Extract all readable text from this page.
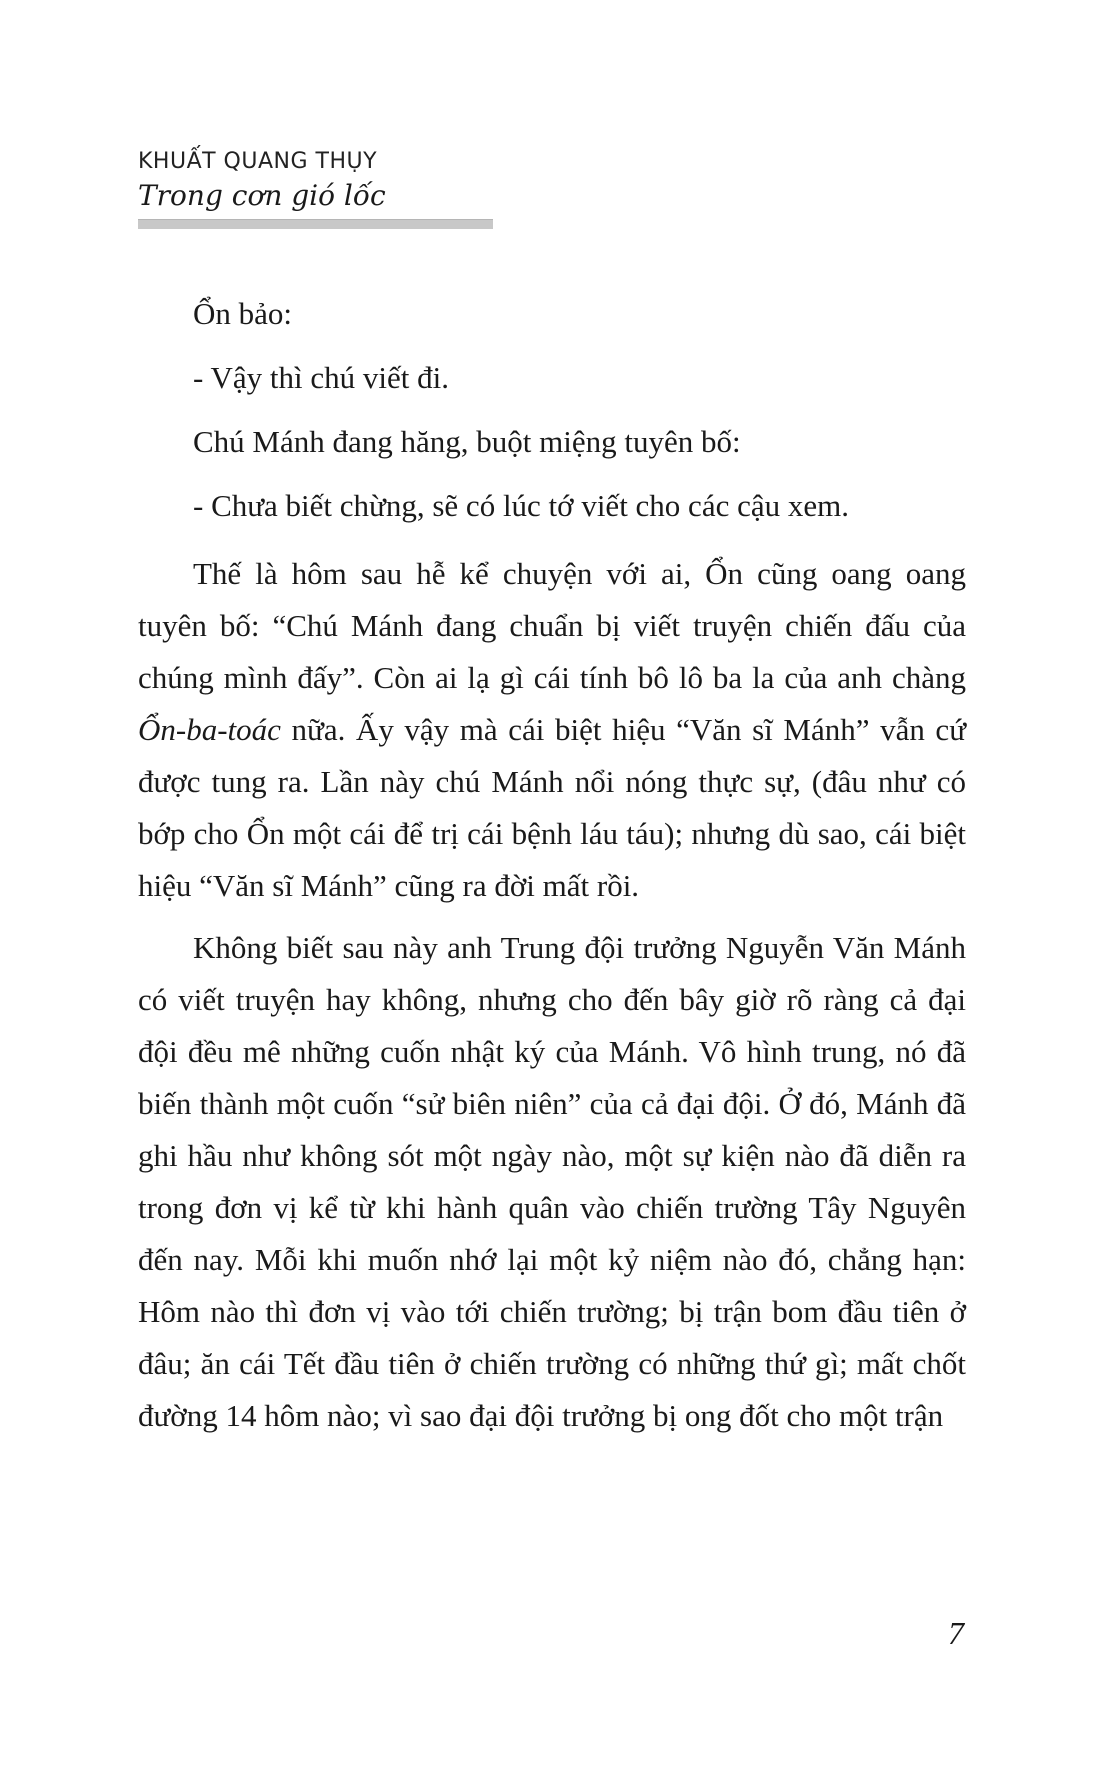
KHUẤT QUANG THỤY
Trong cơn gió lốc

Ổn bảo:

- Vậy thì chú viết đi.

Chú Mánh đang hăng, buột miệng tuyên bố:

- Chưa biết chừng, sẽ có lúc tớ viết cho các cậu xem.

Thế là hôm sau hễ kể chuyện với ai, Ổn cũng oang oang tuyên bố: “Chú Mánh đang chuẩn bị viết truyện chiến đấu của chúng mình đấy”. Còn ai lạ gì cái tính bô lô ba la của anh chàng Ổn-ba-toác nữa. Ấy vậy mà cái biệt hiệu “Văn sĩ Mánh” vẫn cứ được tung ra. Lần này chú Mánh nổi nóng thực sự, (đâu như có bớp cho Ổn một cái để trị cái bệnh láu táu); nhưng dù sao, cái biệt hiệu “Văn sĩ Mánh” cũng ra đời mất rồi.

Không biết sau này anh Trung đội trưởng Nguyễn Văn Mánh có viết truyện hay không, nhưng cho đến bây giờ rõ ràng cả đại đội đều mê những cuốn nhật ký của Mánh. Vô hình trung, nó đã biến thành một cuốn “sử biên niên” của cả đại đội. Ở đó, Mánh đã ghi hầu như không sót một ngày nào, một sự kiện nào đã diễn ra trong đơn vị kể từ khi hành quân vào chiến trường Tây Nguyên đến nay. Mỗi khi muốn nhớ lại một kỷ niệm nào đó, chẳng hạn: Hôm nào thì đơn vị vào tới chiến trường; bị trận bom đầu tiên ở đâu; ăn cái Tết đầu tiên ở chiến trường có những thứ gì; mất chốt đường 14 hôm nào; vì sao đại đội trưởng bị ong đốt cho một trận

7
